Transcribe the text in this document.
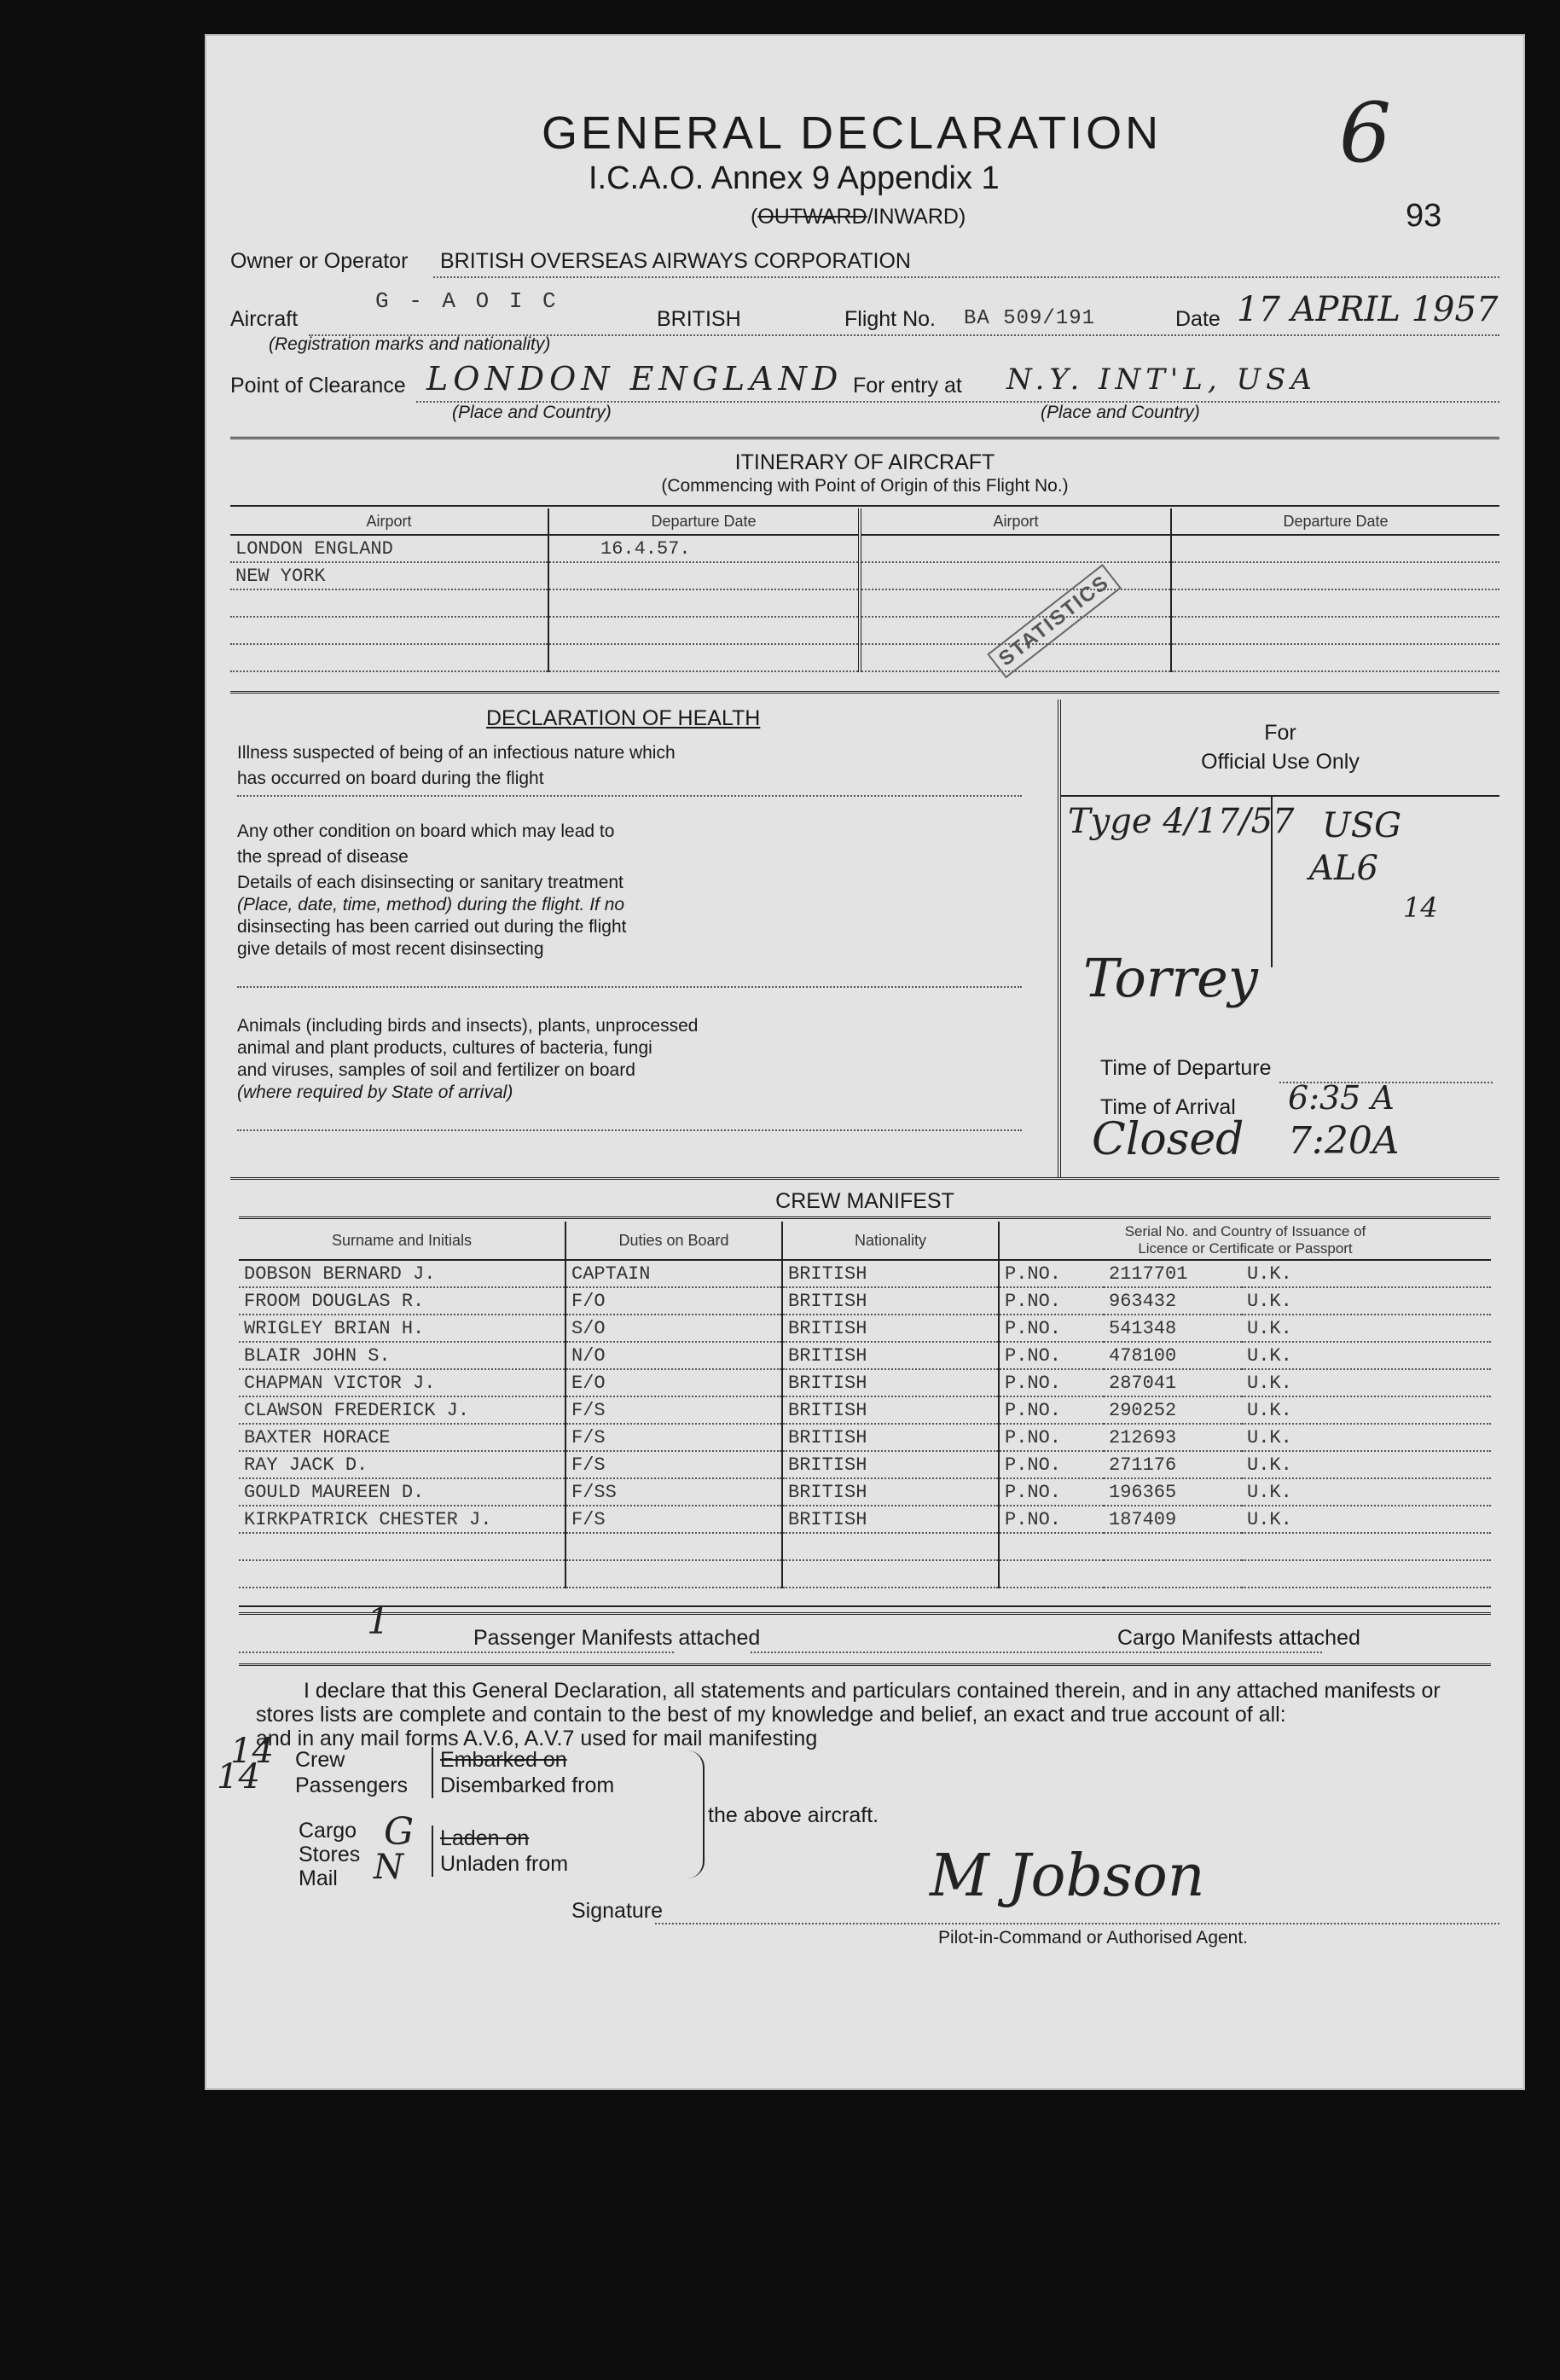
GENERAL DECLARATION
I.C.A.O. Annex 9 Appendix 1
(OUTWARD/INWARD)
6
93
Owner or Operator	BRITISH OVERSEAS AIRWAYS CORPORATION
Aircraft
G - A O I C
BRITISH	Flight No. BA 509/191	Date 17 APRIL 1957
(Registration marks and nationality)
Point of Clearance LONDON ENGLAND
(Place and Country)
For entry at N.Y. INT'L, USA
(Place and Country)
ITINERARY OF AIRCRAFT
(Commencing with Point of Origin of this Flight No.)
Airport	Departure Date	Airport	Departure Date
LONDON ENGLAND	16.4.57.		
NEW YORK			

				STATISTICS
DECLARATION OF HEALTH
Illness suspected of being of an infectious nature which
has occurred on board during the flight
Any other condition on board which may lead to
the spread of disease
Details of each disinsecting or sanitary treatment
(Place, date, time, method) during the flight. If no
disinsecting has been carried out during the flight
give details of most recent disinsecting
Animals (including birds and insects), plants, unprocessed
animal and plant products, cultures of bacteria, fungi
and viruses, samples of soil and fertilizer on board
(where required by State of arrival)
For
Official Use Only
Tyge 4/17/57 USG
AL6
14
Torrey
Time of Departure
Time of Arrival 6:35 A
Closed 7:20A
CREW MANIFEST
Surname and Initials	Duties on Board	Nationality	Serial No. and Country of Issuance of
Licence or Certificate or Passport		

DOBSON BERNARD J.	CAPTAIN	BRITISH	P.NO.	2117701	U.K.
FROOM DOUGLAS R.	F/O	BRITISH	P.NO.	963432	U.K.
WRIGLEY BRIAN H.	S/O	BRITISH	P.NO.	541348	U.K.
BLAIR JOHN S.	N/O	BRITISH	P.NO.	478100	U.K.
CHAPMAN VICTOR J.	E/O	BRITISH	P.NO.	287041	U.K.
CLAWSON FREDERICK J.	F/S	BRITISH	P.NO.	290252	U.K.
BAXTER HORACE	F/S	BRITISH	P.NO.	212693	U.K.
RAY JACK D.	F/S	BRITISH	P.NO.	271176	U.K.
GOULD MAUREEN D.	F/SS	BRITISH	P.NO.	196365	U.K.
KIRKPATRICK CHESTER J.	F/S	BRITISH	P.NO.	187409	U.K.

1	Passenger Manifests attached	Cargo Manifests attached
I declare that this General Declaration, all statements and particulars contained therein, and in any attached manifests or
stores lists are complete and contain to the best of my knowledge and belief, an exact and true account of all:
and in any mail forms A.V.6, A.V.7 used for mail manifesting
14
14 Crew
Passengers
Embarked on
Disembarked from
Cargo
Stores
Mail
G
N
Laden on
Unladen from
the above aircraft.
Signature
M Jobson
Pilot-in-Command or Authorised Agent.
